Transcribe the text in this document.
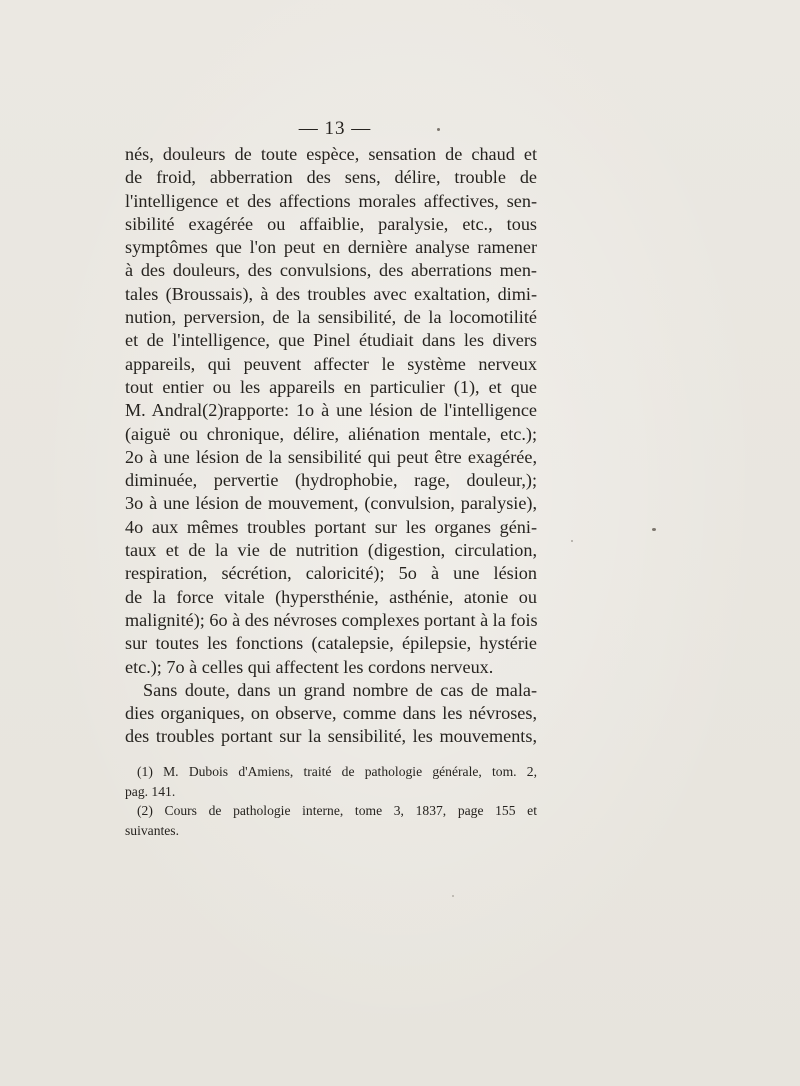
— 13 —
nés, douleurs de toute espèce, sensation de chaud et
de froid, abberration des sens, délire, trouble de
l'intelligence et des affections morales affectives, sen-
sibilité exagérée ou affaiblie, paralysie, etc., tous
symptômes que l'on peut en dernière analyse ramener
à des douleurs, des convulsions, des aberrations men-
tales (Broussais), à des troubles avec exaltation, dimi-
nution, perversion, de la sensibilité, de la locomotilité
et de l'intelligence, que Pinel étudiait dans les divers
appareils, qui peuvent affecter le système nerveux
tout entier ou les appareils en particulier (1), et que
M. Andral(2)rapporte: 1o à une lésion de l'intelligence
(aiguë ou chronique, délire, aliénation mentale, etc.);
2o à une lésion de la sensibilité qui peut être exagérée,
diminuée, pervertie (hydrophobie, rage, douleur,);
3o à une lésion de mouvement, (convulsion, paralysie),
4o aux mêmes troubles portant sur les organes géni-
taux et de la vie de nutrition (digestion, circulation,
respiration, sécrétion, caloricité); 5o à une lésion
de la force vitale (hypersthénie, asthénie, atonie ou
malignité); 6o à des névroses complexes portant à la fois
sur toutes les fonctions (catalepsie, épilepsie, hystérie
etc.); 7o à celles qui affectent les cordons nerveux.
Sans doute, dans un grand nombre de cas de mala-
dies organiques, on observe, comme dans les névroses,
des troubles portant sur la sensibilité, les mouvements,
(1) M. Dubois d'Amiens, traité de pathologie générale, tom. 2,
pag. 141.
(2) Cours de pathologie interne, tome 3, 1837, page 155 et
suivantes.
